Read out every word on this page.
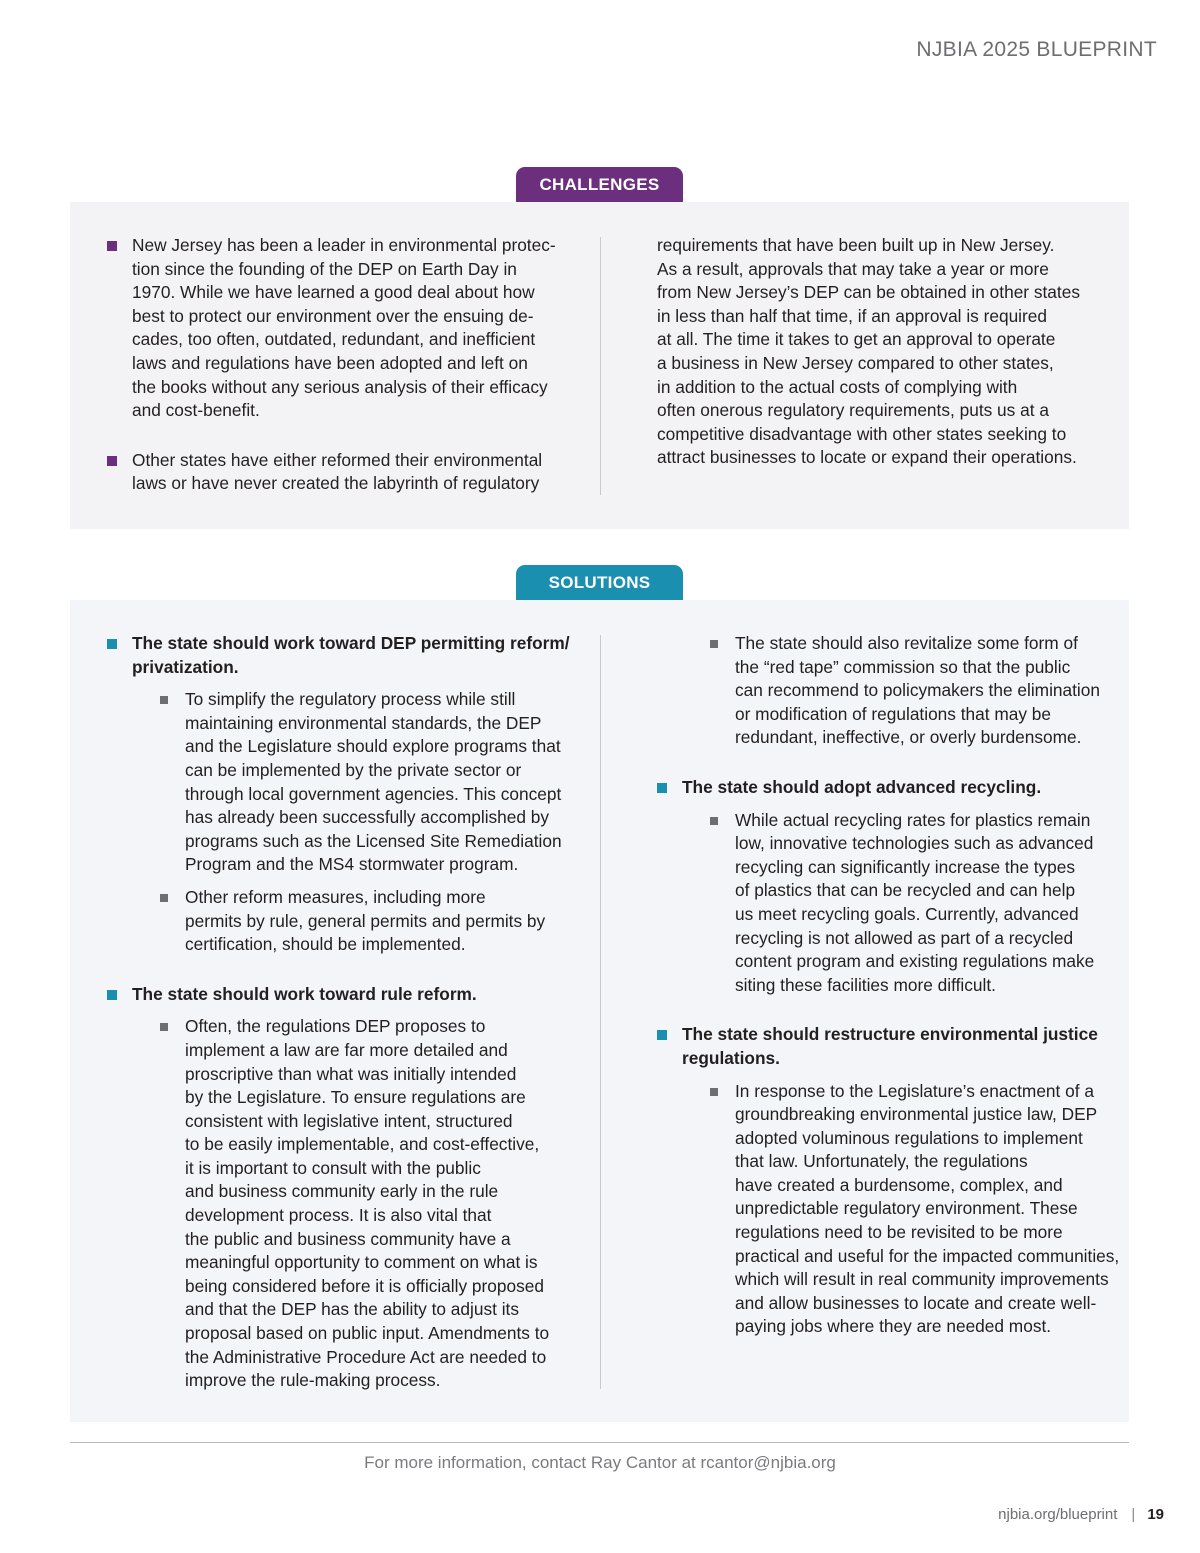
NJBIA 2025 BLUEPRINT
CHALLENGES
New Jersey has been a leader in environmental protec-
tion since the founding of the DEP on Earth Day in
1970. While we have learned a good deal about how
best to protect our environment over the ensuing de-
cades, too often, outdated, redundant, and inefficient
laws and regulations have been adopted and left on
the books without any serious analysis of their efficacy
and cost-benefit.
Other states have either reformed their environmental
laws or have never created the labyrinth of regulatory
requirements that have been built up in New Jersey.
As a result, approvals that may take a year or more
from New Jersey’s DEP can be obtained in other states
in less than half that time, if an approval is required
at all. The time it takes to get an approval to operate
a business in New Jersey compared to other states,
in addition to the actual costs of complying with
often onerous regulatory requirements, puts us at a
competitive disadvantage with other states seeking to
attract businesses to locate or expand their operations.
SOLUTIONS
The state should work toward DEP permitting reform/
privatization.
To simplify the regulatory process while still
maintaining environmental standards, the DEP
and the Legislature should explore programs that
can be implemented by the private sector or
through local government agencies. This concept
has already been successfully accomplished by
programs such as the Licensed Site Remediation
Program and the MS4 stormwater program.
Other reform measures, including more
permits by rule, general permits and permits by
certification, should be implemented.
The state should work toward rule reform.
Often, the regulations DEP proposes to
implement a law are far more detailed and
proscriptive than what was initially intended
by the Legislature. To ensure regulations are
consistent with legislative intent, structured
to be easily implementable, and cost-effective,
it is important to consult with the public
and business community early in the rule
development process. It is also vital that
the public and business community have a
meaningful opportunity to comment on what is
being considered before it is officially proposed
and that the DEP has the ability to adjust its
proposal based on public input. Amendments to
the Administrative Procedure Act are needed to
improve the rule-making process.
The state should also revitalize some form of
the “red tape” commission so that the public
can recommend to policymakers the elimination
or modification of regulations that may be
redundant, ineffective, or overly burdensome.
The state should adopt advanced recycling.
While actual recycling rates for plastics remain
low, innovative technologies such as advanced
recycling can significantly increase the types
of plastics that can be recycled and can help
us meet recycling goals. Currently, advanced
recycling is not allowed as part of a recycled
content program and existing regulations make
siting these facilities more difficult.
The state should restructure environmental justice
regulations.
In response to the Legislature’s enactment of a
groundbreaking environmental justice law, DEP
adopted voluminous regulations to implement
that law. Unfortunately, the regulations
have created a burdensome, complex, and
unpredictable regulatory environment. These
regulations need to be revisited to be more
practical and useful for the impacted communities,
which will result in real community improvements
and allow businesses to locate and create well-
paying jobs where they are needed most.
For more information, contact Ray Cantor at rcantor@njbia.org
njbia.org/blueprint | 19
